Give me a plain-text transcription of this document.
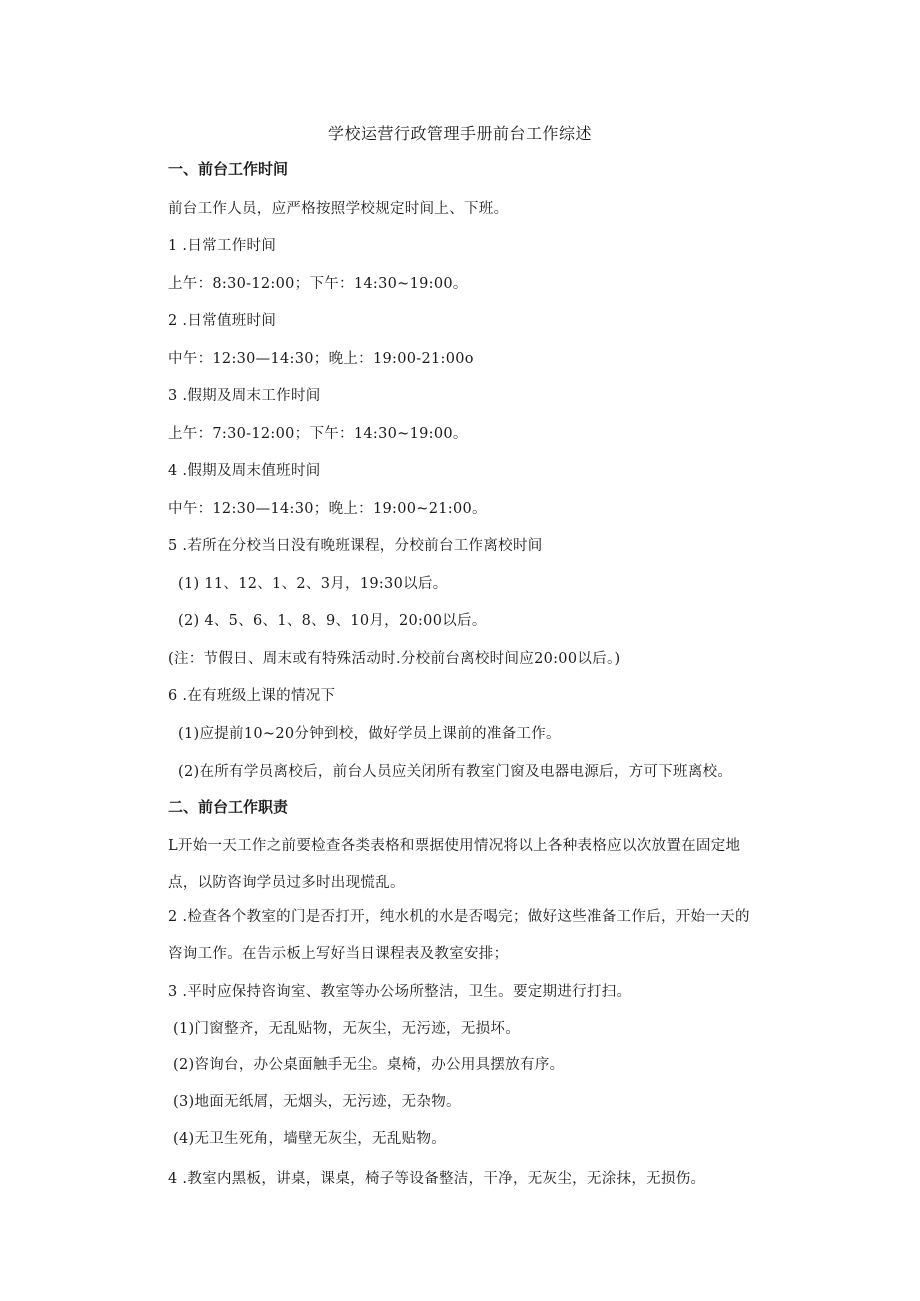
学校运营行政管理手册前台工作综述
一、前台工作时间
前台工作人员，应严格按照学校规定时间上、下班。
1 .日常工作时间
上午：8:30-12:00；下午：14:30~19:00。
2 .日常值班时间
中午：12:30—14:30；晚上：19:00-21:00o
3 .假期及周末工作时间
上午：7:30-12:00；下午：14:30~19:00。
4 .假期及周末值班时间
中午：12:30—14:30；晚上：19:00~21:00。
5 .若所在分校当日没有晚班课程，分校前台工作离校时间
(1) 11、12、1、2、3月，19:30以后。
(2) 4、5、6、1、8、9、10月，20:00以后。
(注：节假日、周末或有特殊活动时.分校前台离校时间应20:00以后。)
6 .在有班级上课的情况下
(1)应提前10~20分钟到校，做好学员上课前的准备工作。
(2)在所有学员离校后，前台人员应关闭所有教室门窗及电器电源后，方可下班离校。
二、前台工作职责
L开始一天工作之前要检查各类表格和票据使用情况将以上各种表格应以次放置在固定地
点，以防咨询学员过多时出现慌乱。
2 .检查各个教室的门是否打开，纯水机的水是否喝完；做好这些准备工作后，开始一天的
咨询工作。在告示板上写好当日课程表及教室安排；
3 .平时应保持咨询室、教室等办公场所整洁，卫生。要定期进行打扫。
(1)门窗整齐，无乱贴物，无灰尘，无污迹，无损坏。
(2)咨询台，办公桌面触手无尘。桌椅，办公用具摆放有序。
(3)地面无纸屑，无烟头，无污迹，无杂物。
(4)无卫生死角，墙壁无灰尘，无乱贴物。
4 .教室内黑板，讲桌，课桌，椅子等设备整洁，干净，无灰尘，无涂抹，无损伤。
